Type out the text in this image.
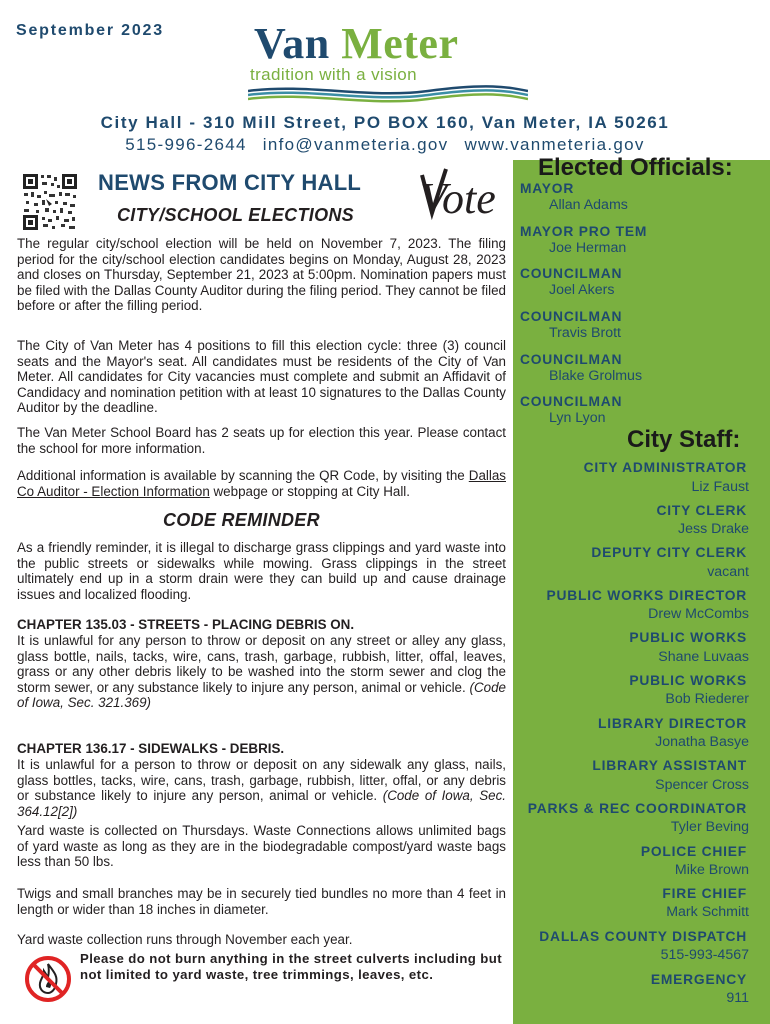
September 2023 Van Meter
tradition with a vision
City Hall - 310 Mill Street, PO BOX 160, Van Meter, IA 50261
515-996-2644 info@vanmeteria.gov www.vanmeteria.gov
NEWS FROM CITY HALL
CITY/SCHOOL ELECTIONS Vote
The regular city/school election will be held on November 7, 2023. The filing period for the city/school election candidates begins on Monday, August 28, 2023 and closes on Thursday, September 21, 2023 at 5:00pm. Nomination papers must be filed with the Dallas County Auditor during the filing period. They cannot be filed before or after the filling period.
The City of Van Meter has 4 positions to fill this election cycle: three (3) council seats and the Mayor's seat. All candidates must be residents of the City of Van Meter. All candidates for City vacancies must complete and submit an Affidavit of Candidacy and nomination petition with at least 10 signatures to the Dallas County Auditor by the deadline.
The Van Meter School Board has 2 seats up for election this year. Please contact the school for more information.
Additional information is available by scanning the QR Code, by visiting the Dallas Co Auditor - Election Information webpage or stopping at City Hall.
CODE REMINDER
As a friendly reminder, it is illegal to discharge grass clippings and yard waste into the public streets or sidewalks while mowing. Grass clippings in the street ultimately end up in a storm drain were they can build up and cause drainage issues and localized flooding.
CHAPTER 135.03 - STREETS - PLACING DEBRIS ON.
It is unlawful for any person to throw or deposit on any street or alley any glass, glass bottle, nails, tacks, wire, cans, trash, garbage, rubbish, litter, offal, leaves, grass or any other debris likely to be washed into the storm sewer and clog the storm sewer, or any substance likely to injure any person, animal or vehicle. (Code of Iowa, Sec. 321.369)
CHAPTER 136.17 - SIDEWALKS - DEBRIS.
It is unlawful for a person to throw or deposit on any sidewalk any glass, nails, glass bottles, tacks, wire, cans, trash, garbage, rubbish, litter, offal, or any debris or substance likely to injure any person, animal or vehicle. (Code of Iowa, Sec. 364.12[2])
Yard waste is collected on Thursdays. Waste Connections allows unlimited bags of yard waste as long as they are in the biodegradable compost/yard waste bags less than 50 lbs.
Twigs and small branches may be in securely tied bundles no more than 4 feet in length or wider than 18 inches in diameter.
Yard waste collection runs through November each year.
Please do not burn anything in the street culverts including but not limited to yard waste, tree trimmings, leaves, etc.
Elected Officials:
MAYOR
Allan Adams
MAYOR PRO TEM
Joe Herman
COUNCILMAN
Joel Akers
COUNCILMAN
Travis Brott
COUNCILMAN
Blake Grolmus
COUNCILMAN
Lyn Lyon
City Staff:
CITY ADMINISTRATOR
Liz Faust
CITY CLERK
Jess Drake
DEPUTY CITY CLERK
vacant
PUBLIC WORKS DIRECTOR
Drew McCombs
PUBLIC WORKS
Shane Luvaas
PUBLIC WORKS
Bob Riederer
LIBRARY DIRECTOR
Jonatha Basye
LIBRARY ASSISTANT
Spencer Cross
PARKS & REC COORDINATOR
Tyler Beving
POLICE CHIEF
Mike Brown
FIRE CHIEF
Mark Schmitt
DALLAS COUNTY DISPATCH
515-993-4567
EMERGENCY
911
